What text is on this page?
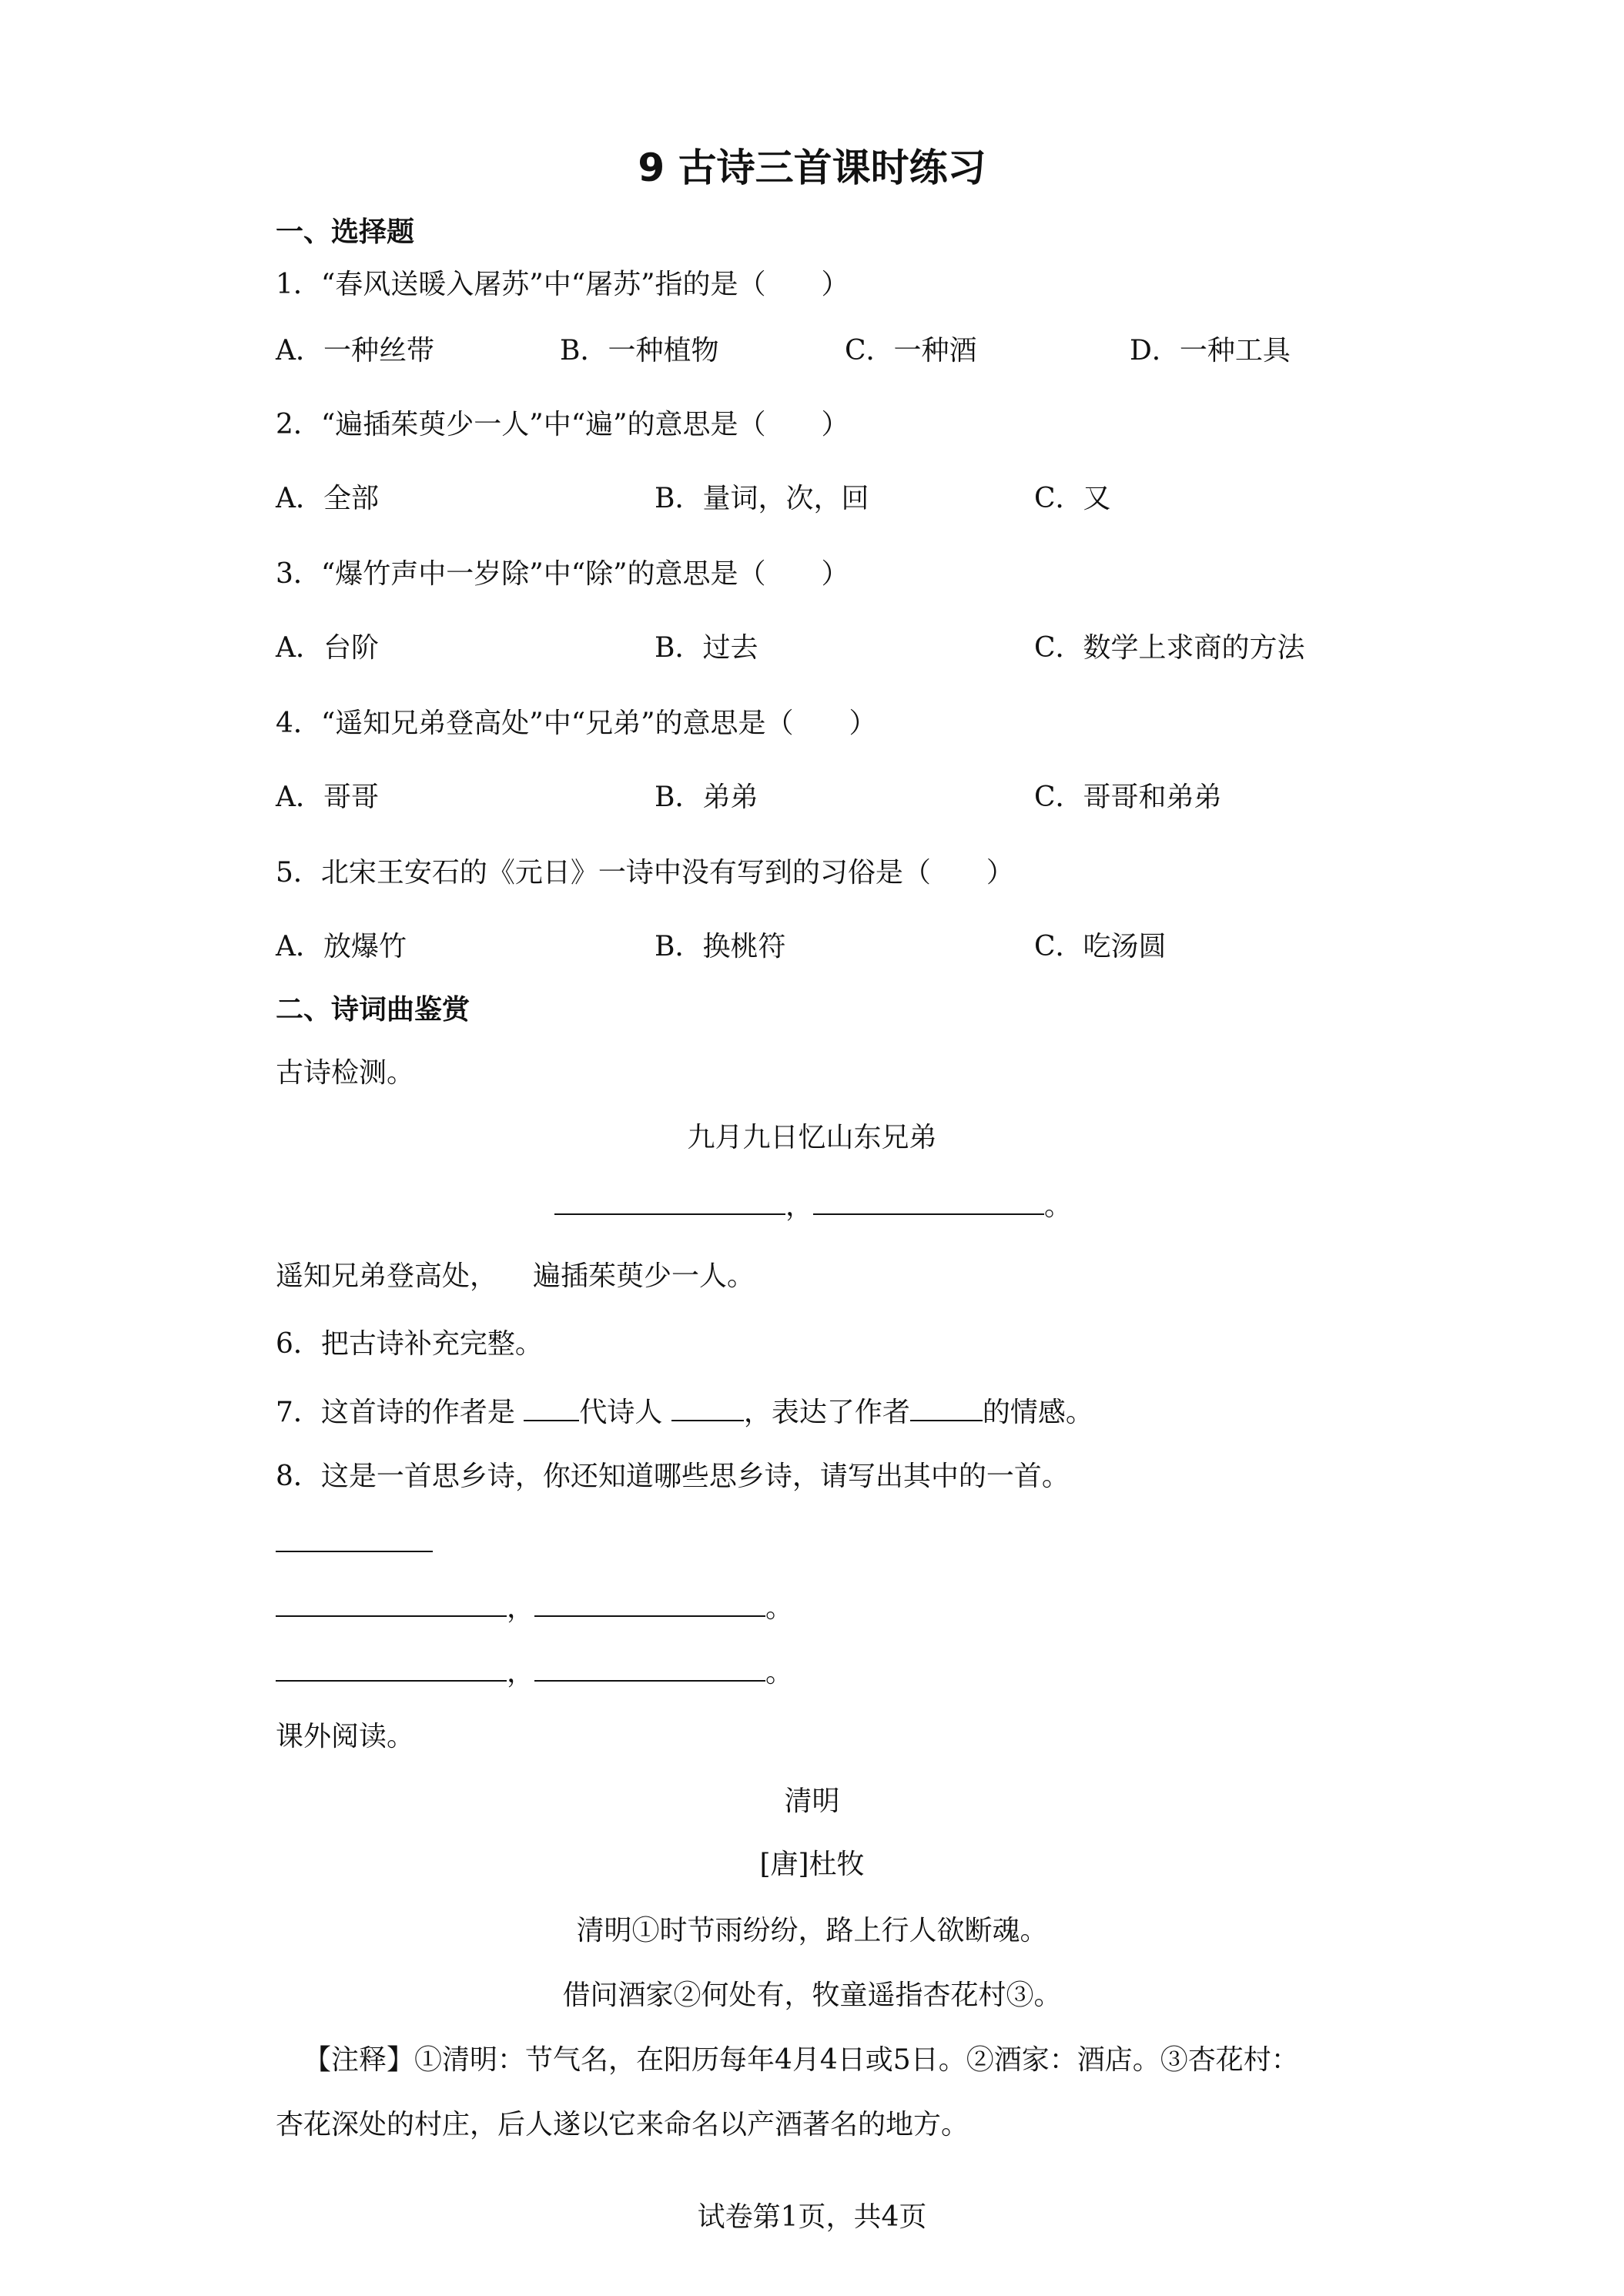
9 古诗三首课时练习
一、选择题
1．“春风送暖入屠苏”中“屠苏”指的是（　　）
A．一种丝带	B．一种植物	C．一种酒	D．一种工具
2．“遍插茱萸少一人”中“遍”的意思是（　　）
A．全部	B．量词，次，回	C．又
3．“爆竹声中一岁除”中“除”的意思是（　　）
A．台阶	B．过去	C．数学上求商的方法
4．“遥知兄弟登高处”中“兄弟”的意思是（　　）
A．哥哥	B．弟弟	C．哥哥和弟弟
5．北宋王安石的《元日》一诗中没有写到的习俗是（　　）
A．放爆竹	B．换桃符	C．吃汤圆
二、诗词曲鉴赏
古诗检测。
九月九日忆山东兄弟
，	。
遥知兄弟登高处， 遍插茱萸少一人。
6．把古诗补充完整。
7．这首诗的作者是 代诗人	，表达了作者	的情感。
8．这是一首思乡诗，你还知道哪些思乡诗，请写出其中的一首。
，	。
，	。
课外阅读。
清明
[唐]杜牧
清明①时节雨纷纷，路上行人欲断魂。
借问酒家②何处有，牧童遥指杏花村③。
【注释】①清明：节气名，在阳历每年4月4日或5日。②酒家：酒店。③杏花村：
杏花深处的村庄，后人遂以它来命名以产酒著名的地方。
试卷第1页，共4页
